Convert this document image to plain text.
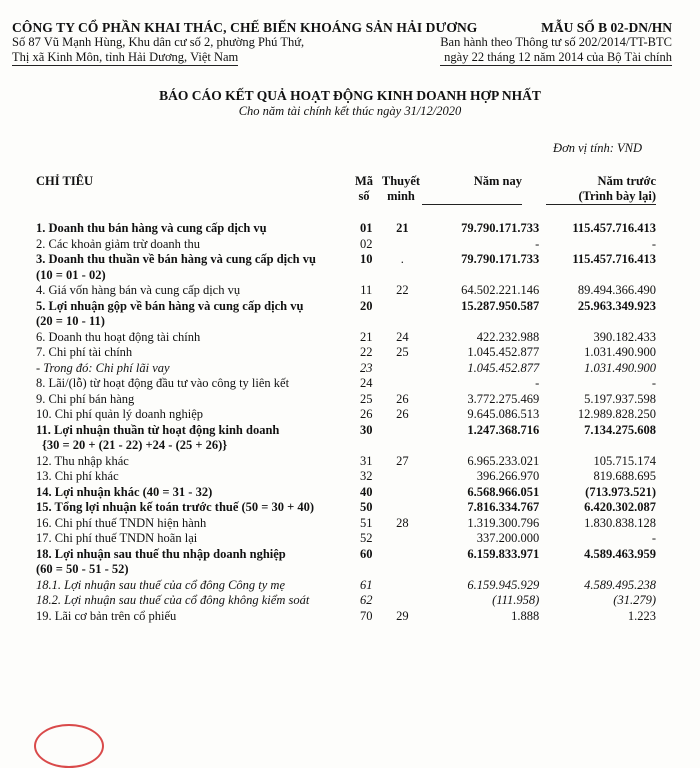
CÔNG TY CỔ PHẦN KHAI THÁC, CHẾ BIẾN KHOÁNG SẢN HẢI DƯƠNG
Số 87 Vũ Mạnh Hùng, Khu dân cư số 2, phường Phú Thứ,
Thị xã Kinh Môn, tỉnh Hải Dương, Việt Nam
MẪU SỐ B 02-DN/HN
Ban hành theo Thông tư số 202/2014/TT-BTC
ngày 22 tháng 12 năm 2014 của Bộ Tài chính
BÁO CÁO KẾT QUẢ HOẠT ĐỘNG KINH DOANH HỢP NHẤT
Cho năm tài chính kết thúc ngày 31/12/2020
Đơn vị tính: VND
CHỈ TIÊU	Mã
số
Thuyết
minh
Năm nay	Năm trước
(Trình bày lại)
1. Doanh thu bán hàng và cung cấp dịch vụ	01	21	79.790.171.733	115.457.716.413
2. Các khoản giảm trừ doanh thu	02		-	-
3. Doanh thu thuần về bán hàng và cung cấp dịch vụ	10	.	79.790.171.733	115.457.716.413
(10 = 01 - 02)				
4. Giá vốn hàng bán và cung cấp dịch vụ	11	22	64.502.221.146	89.494.366.490
5. Lợi nhuận gộp về bán hàng và cung cấp dịch vụ	20		15.287.950.587	25.963.349.923
(20 = 10 - 11)				
6. Doanh thu hoạt động tài chính	21	24	422.232.988	390.182.433
7. Chi phí tài chính	22	25	1.045.452.877	1.031.490.900
- Trong đó: Chi phí lãi vay	23		1.045.452.877	1.031.490.900
8. Lãi/(lỗ) từ hoạt động đầu tư vào công ty liên kết	24		-	-
9. Chi phí bán hàng	25	26	3.772.275.469	5.197.937.598
10. Chi phí quản lý doanh nghiệp	26	26	9.645.086.513	12.989.828.250
11. Lợi nhuận thuần từ hoạt động kinh doanh	30		1.247.368.716	7.134.275.608
{30 = 20 + (21 - 22) +24 - (25 + 26)}				
12. Thu nhập khác	31	27	6.965.233.021	105.715.174
13. Chi phí khác	32		396.266.970	819.688.695
14. Lợi nhuận khác (40 = 31 - 32)	40		6.568.966.051	(713.973.521)
15. Tổng lợi nhuận kế toán trước thuế (50 = 30 + 40)	50		7.816.334.767	6.420.302.087
16. Chi phí thuế TNDN hiện hành	51	28	1.319.300.796	1.830.838.128
17. Chi phí thuế TNDN hoãn lại	52		337.200.000	-
18. Lợi nhuận sau thuế thu nhập doanh nghiệp	60		6.159.833.971	4.589.463.959
(60 = 50 - 51 - 52)				
18.1. Lợi nhuận sau thuế của cổ đông Công ty mẹ	61		6.159.945.929	4.589.495.238
18.2. Lợi nhuận sau thuế của cổ đông không kiểm soát	62		(111.958)	(31.279)
19. Lãi cơ bản trên cổ phiếu	70	29	1.888	1.223
